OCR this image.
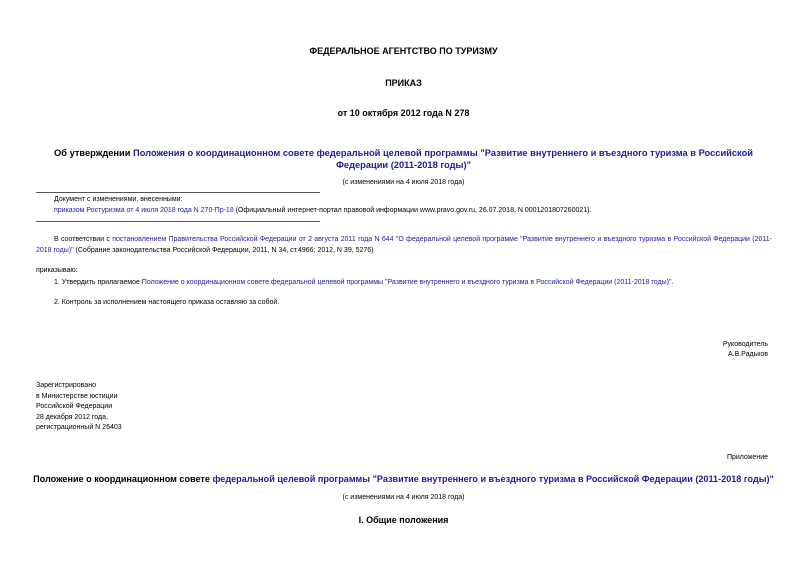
ФЕДЕРАЛЬНОЕ АГЕНТСТВО ПО ТУРИЗМУ
ПРИКАЗ
от 10 октября 2012 года N 278
Об утверждении Положения о координационном совете федеральной целевой программы "Развитие внутреннего и въездного туризма в Российской Федерации (2011-2018 годы)"
(с изменениями на 4 июля 2018 года)
Документ с изменениями, внесенными:
приказом Ростуризма от 4 июля 2018 года N 270-Пр-18 (Официальный интернет-портал правовой информации www.pravo.gov.ru, 26.07.2018, N 0001201807260021).
В соответствии с постановлением Правительства Российской Федерации от 2 августа 2011 года N 644 "О федеральной целевой программе "Развитие внутреннего и въездного туризма в Российской Федерации (2011-2018 годы)" (Собрание законодательства Российской Федерации, 2011, N 34, ст.4966; 2012, N 39, 5276)
приказываю:
1. Утвердить прилагаемое Положение о координационном совете федеральной целевой программы "Развитие внутреннего и въездного туризма в Российской Федерации (2011-2018 годы)".
2. Контроль за исполнением настоящего приказа оставляю за собой.
Руководитель
А.В.Радьков
Зарегистрировано
в Министерстве юстиции
Российской Федерации
28 декабря 2012 года,
регистрационный N 26403
Приложение
Положение о координационном совете федеральной целевой программы "Развитие внутреннего и въездного туризма в Российской Федерации (2011-2018 годы)"
(с изменениями на 4 июля 2018 года)
I. Общие положения
